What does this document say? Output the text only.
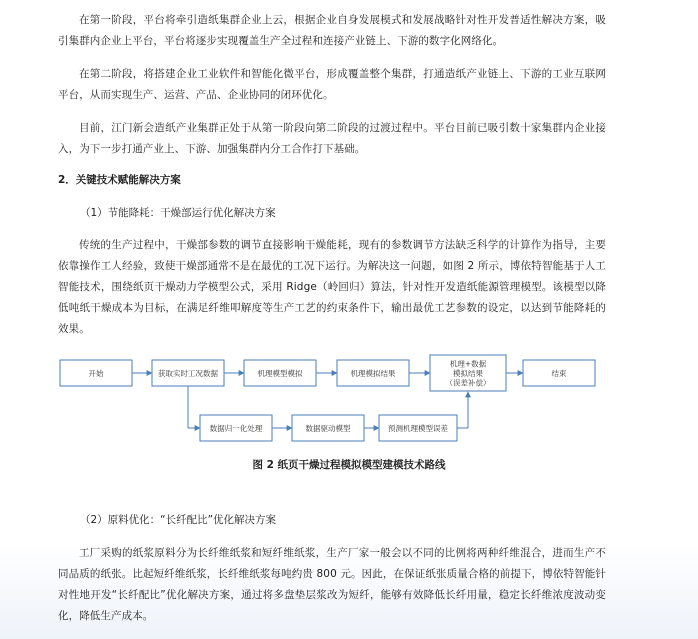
在第一阶段，平台将牵引造纸集群企业上云，根据企业自身发展模式和发展战略针对性开发普适性解决方案，吸引集群内企业上平台，平台将逐步实现覆盖生产全过程和连接产业链上、下游的数字化网络化。

在第二阶段，将搭建企业工业软件和智能化微平台，形成覆盖整个集群，打通造纸产业链上、下游的工业互联网平台，从而实现生产、运营、产品、企业协同的闭环优化。

目前，江门新会造纸产业集群正处于从第一阶段向第二阶段的过渡过程中。平台目前已吸引数十家集群内企业接入，为下一步打通产业上、下游、加强集群内分工合作打下基础。

2．关键技术赋能解决方案

（1）节能降耗：干燥部运行优化解决方案

传统的生产过程中，干燥部参数的调节直接影响干燥能耗，现有的参数调节方法缺乏科学的计算作为指导，主要依靠操作工人经验，致使干燥部通常不是在最优的工况下运行。为解决这一问题，如图 2 所示，博依特智能基于人工智能技术，围绕纸页干燥动力学模型公式，采用 Ridge（岭回归）算法，针对性开发造纸能源管理模型。该模型以降低吨纸干燥成本为目标，在满足纤维叩解度等生产工艺的约束条件下，输出最优工艺参数的设定，以达到节能降耗的效果。

开始	获取实时工况数据	机理模型模拟	机理模拟结果
机理+数据
模拟结果
（误差补偿）
结束
数据归一化处理	数据驱动模型	预测机理模型误差

图 2 纸页干燥过程模拟模型建模技术路线

（2）原料优化：“长纤配比”优化解决方案

工厂采购的纸浆原料分为长纤维纸浆和短纤维纸浆，生产厂家一般会以不同的比例将两种纤维混合，进而生产不同品质的纸张。比起短纤维纸浆，长纤维纸浆每吨约贵 800 元。因此，在保证纸张质量合格的前提下，博依特智能针对性地开发“长纤配比”优化解决方案，通过将多盘垫层浆改为短纤，能够有效降低长纤用量，稳定长纤维浓度波动变化，降低生产成本。
